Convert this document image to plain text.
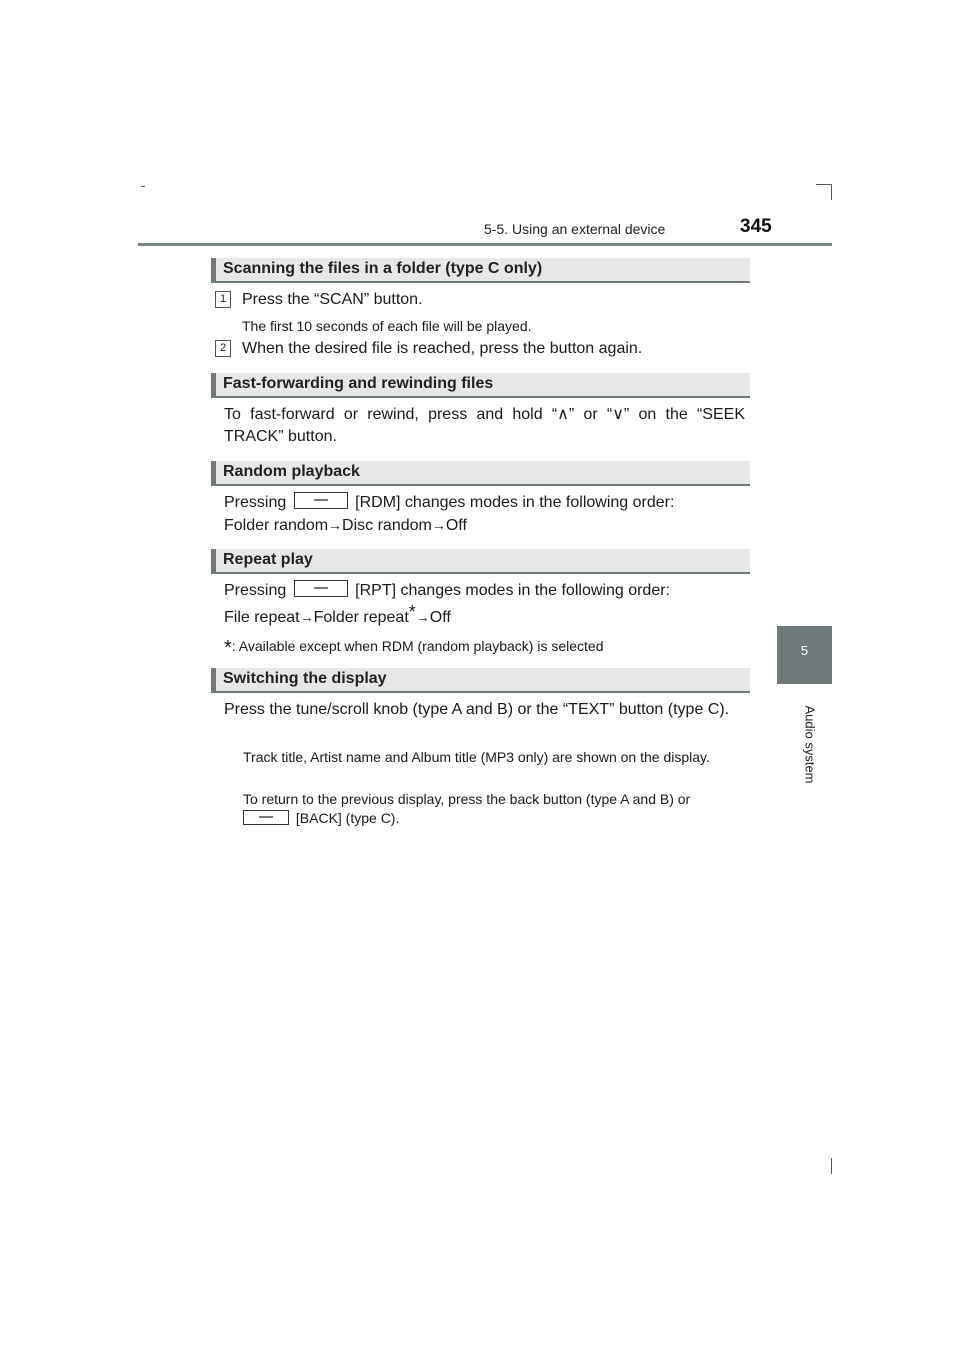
5-5. Using an external device	345
5
Audio system
Scanning the files in a folder (type C only)
1 Press the “SCAN” button.
The first 10 seconds of each file will be played.
2 When the desired file is reached, press the button again.
Fast-forwarding and rewinding files
To fast-forward or rewind, press and hold “∧” or “∨” on the “SEEK TRACK” button.
Random playback
Pressing	[RDM] changes modes in the following order:
Folder random→Disc random→Off
Repeat play
Pressing	[RPT] changes modes in the following order:
File repeat→Folder repeat*→Off
*: Available except when RDM (random playback) is selected
Switching the display
Press the tune/scroll knob (type A and B) or the “TEXT” button (type C).
Track title, Artist name and Album title (MP3 only) are shown on the display.
To return to the previous display, press the back button (type A and B) or
[BACK] (type C).
